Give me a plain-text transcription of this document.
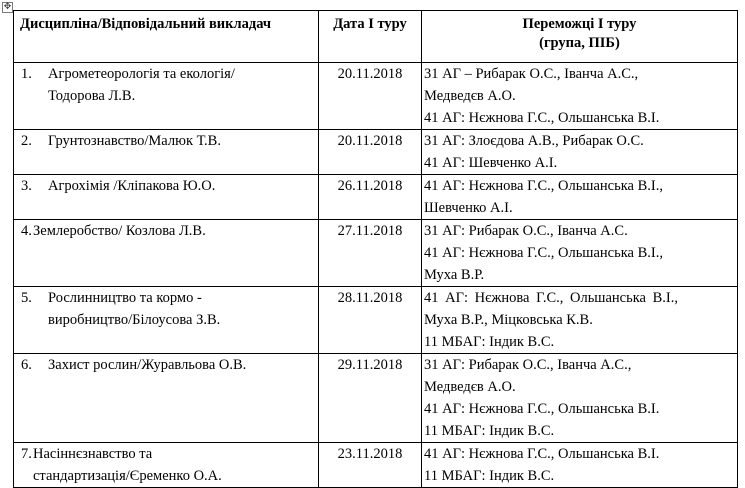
✥
Дисципліна/Відповідальний викладач	Дата І туру	Переможці І туру
(група, ПІБ)

1. Агрометеорологія та екологія/
Тодорова Л.В.	20.11.2018	31 АГ – Рибарак О.С., Іванча А.С.,
Медведєв А.О.
41 АГ: Нєжнова Г.С., Ольшанська В.І.

2. Грунтознавство/Малюк Т.В.	20.11.2018	31 АГ: Злоєдова А.В., Рибарак О.С.
41 АГ: Шевченко А.І.

3. Агрохімія /Кліпакова Ю.О.	26.11.2018	41 АГ: Нєжнова Г.С., Ольшанська В.І.,
Шевченко А.І.

4.Землеробство/ Козлова Л.В.	27.11.2018	31 АГ: Рибарак О.С., Іванча А.С.
41 АГ: Нєжнова Г.С., Ольшанська В.І.,
Муха В.Р.

5. Рослинництво та кормо -
виробництво/Білоусова З.В.	28.11.2018	41 АГ: Нєжнова Г.С., Ольшанська В.І.,
Муха В.Р., Міцковська К.В.
11 МБАГ: Індик В.С.

6. Захист рослин/Журавльова О.В.	29.11.2018	31 АГ: Рибарак О.С., Іванча А.С.,
Медведєв А.О.
41 АГ: Нєжнова Г.С., Ольшанська В.І.
11 МБАГ: Індик В.С.

7.Насіннєзнавство та
стандартизація/Єременко О.А.	23.11.2018	41 АГ: Нєжнова Г.С., Ольшанська В.І.
11 МБАГ: Індик В.С.
